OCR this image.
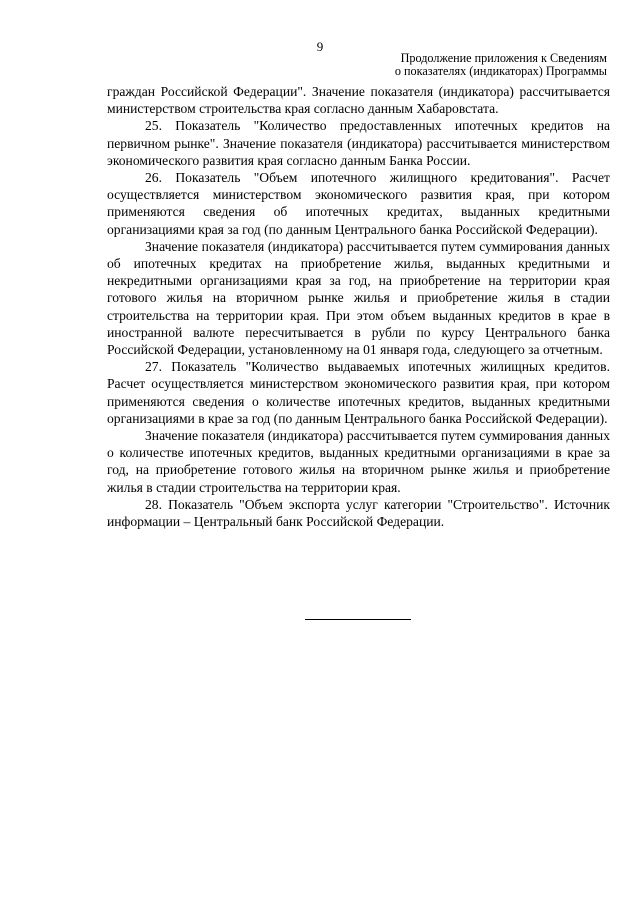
9
Продолжение приложения к Сведениям
о показателях (индикаторах) Программы

граждан Российской Федерации". Значение показателя (индикатора) рассчитывается министерством строительства края согласно данным Хабаровстата.

25. Показатель "Количество предоставленных ипотечных кредитов на первичном рынке". Значение показателя (индикатора) рассчитывается министерством экономического развития края согласно данным Банка России.

26. Показатель "Объем ипотечного жилищного кредитования". Расчет осуществляется министерством экономического развития края, при котором применяются сведения об ипотечных кредитах, выданных кредитными организациями края за год (по данным Центрального банка Российской Федерации).

Значение показателя (индикатора) рассчитывается путем суммирования данных об ипотечных кредитах на приобретение жилья, выданных кредитными и некредитными организациями края за год, на приобретение на территории края готового жилья на вторичном рынке жилья и приобретение жилья в стадии строительства на территории края. При этом объем выданных кредитов в крае в иностранной валюте пересчитывается в рубли по курсу Центрального банка Российской Федерации, установленному на 01 января года, следующего за отчетным.

27. Показатель "Количество выдаваемых ипотечных жилищных кредитов. Расчет осуществляется министерством экономического развития края, при котором применяются сведения о количестве ипотечных кредитов, выданных кредитными организациями в крае за год (по данным Центрального банка Российской Федерации).

Значение показателя (индикатора) рассчитывается путем суммирования данных о количестве ипотечных кредитов, выданных кредитными организациями в крае за год, на приобретение готового жилья на вторичном рынке жилья и приобретение жилья в стадии строительства на территории края.

28. Показатель "Объем экспорта услуг категории "Строительство". Источник информации – Центральный банк Российской Федерации.
